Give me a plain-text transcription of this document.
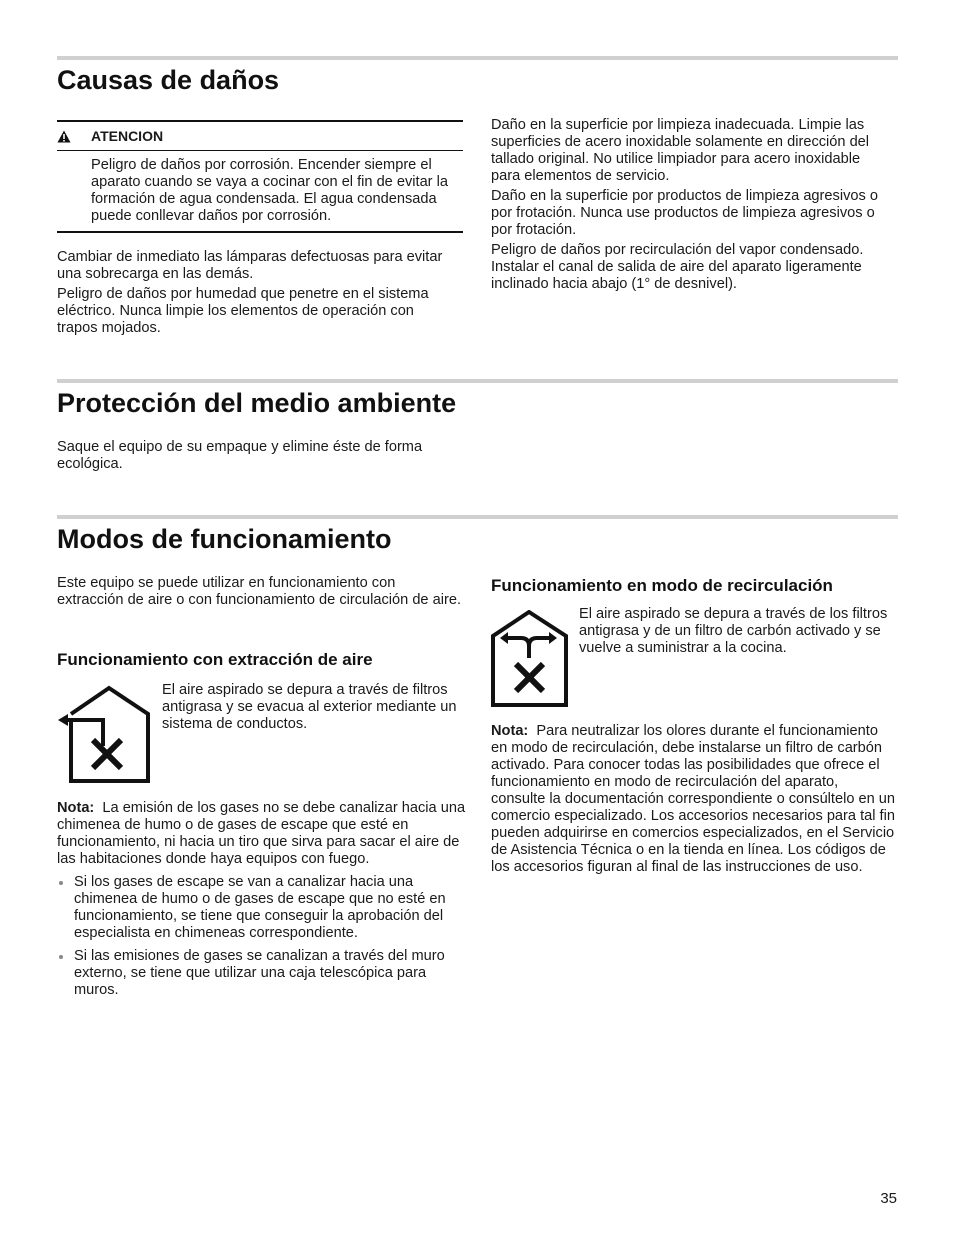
Causas de daños
ATENCION
Peligro de daños por corrosión. Encender siempre el aparato cuando se vaya a cocinar con el fin de evitar la formación de agua condensada. El agua condensada puede conllevar daños por corrosión.

Cambiar de inmediato las lámparas defectuosas para evitar una sobrecarga en las demás.

Peligro de daños por humedad que penetre en el sistema eléctrico. Nunca limpie los elementos de operación con trapos mojados.

Daño en la superficie por limpieza inadecuada. Limpie las superficies de acero inoxidable solamente en dirección del tallado original. No utilice limpiador para acero inoxidable para elementos de servicio.

Daño en la superficie por productos de limpieza agresivos o por frotación. Nunca use productos de limpieza agresivos o por frotación.

Peligro de daños por recirculación del vapor condensado. Instalar el canal de salida de aire del aparato ligeramente inclinado hacia abajo (1° de desnivel).

Protección del medio ambiente

Saque el equipo de su empaque y elimine éste de forma ecológica.

Modos de funcionamiento

Este equipo se puede utilizar en funcionamiento con extracción de aire o con funcionamiento de circulación de aire.

Funcionamiento con extracción de aire

El aire aspirado se depura a través de filtros antigrasa y se evacua al exterior mediante un sistema de conductos.

Nota: La emisión de los gases no se debe canalizar hacia una chimenea de humo o de gases de escape que esté en funcionamiento, ni hacia un tiro que sirva para sacar el aire de las habitaciones donde haya equipos con fuego.

Si los gases de escape se van a canalizar hacia una chimenea de humo o de gases de escape que no esté en funcionamiento, se tiene que conseguir la aprobación del especialista en chimeneas correspondiente.
Si las emisiones de gases se canalizan a través del muro externo, se tiene que utilizar una caja telescópica para muros.
Funcionamiento en modo de recirculación

El aire aspirado se depura a través de los filtros antigrasa y de un filtro de carbón activado y se vuelve a suministrar a la cocina.

Nota: Para neutralizar los olores durante el funcionamiento en modo de recirculación, debe instalarse un filtro de carbón activado. Para conocer todas las posibilidades que ofrece el funcionamiento en modo de recirculación del aparato, consulte la documentación correspondiente o consúltelo en un comercio especializado. Los accesorios necesarios para tal fin pueden adquirirse en comercios especializados, en el Servicio de Asistencia Técnica o en la tienda en línea. Los códigos de los accesorios figuran al final de las instrucciones de uso.

35
